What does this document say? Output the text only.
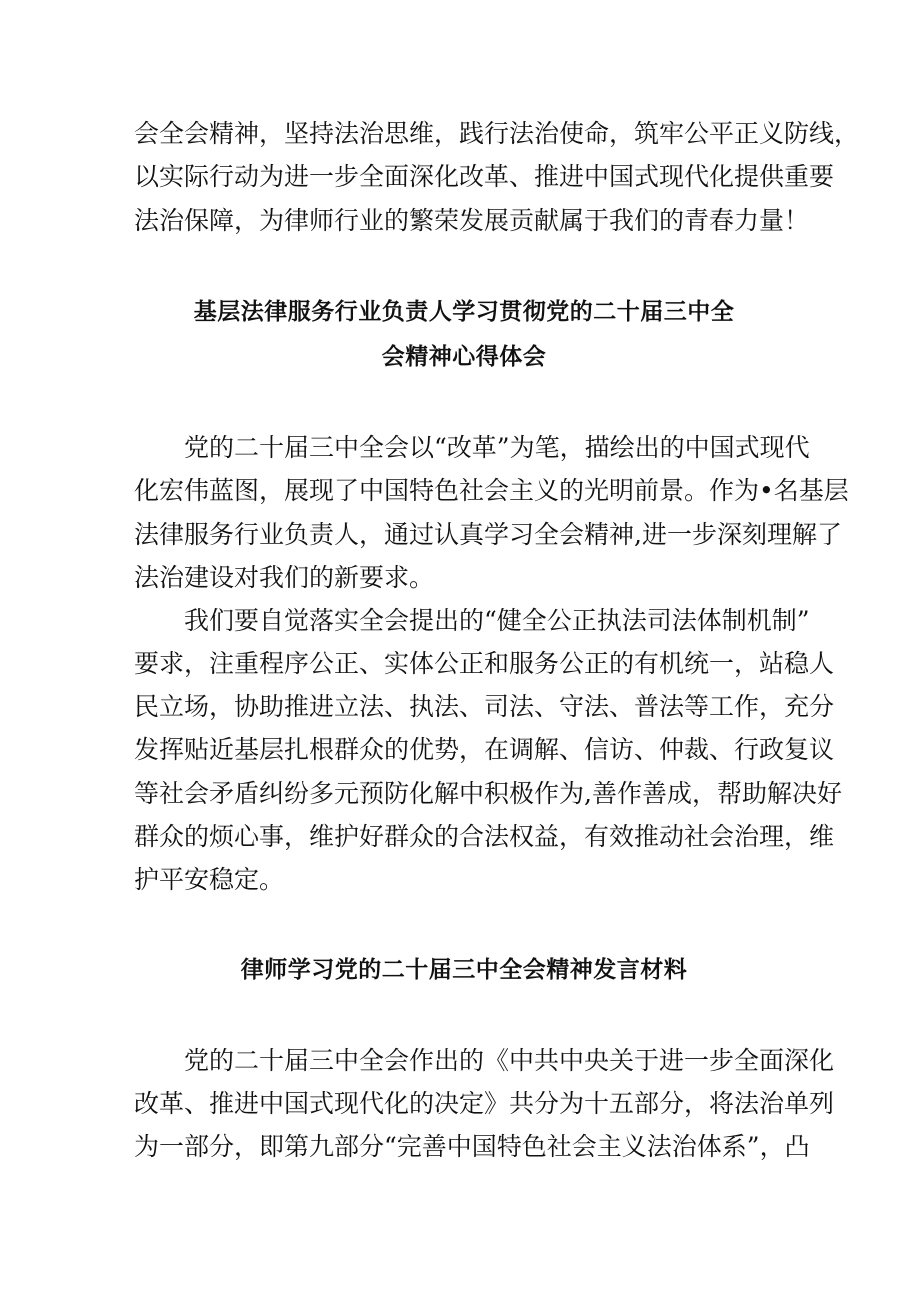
会全会精神，坚持法治思维，践行法治使命，筑牢公平正义防线，
以实际行动为进一步全面深化改革、推进中国式现代化提供重要
法治保障，为律师行业的繁荣发展贡献属于我们的青春力量！
基层法律服务行业负责人学习贯彻党的二十届三中全
会精神心得体会
党的二十届三中全会以“改革”为笔，描绘出的中国式现代
化宏伟蓝图，展现了中国特色社会主义的光明前景。作为•名基层
法律服务行业负责人，通过认真学习全会精神,进一步深刻理解了
法治建设对我们的新要求。
我们要自觉落实全会提出的“健全公正执法司法体制机制”
要求，注重程序公正、实体公正和服务公正的有机统一，站稳人
民立场，协助推进立法、执法、司法、守法、普法等工作，充分
发挥贴近基层扎根群众的优势，在调解、信访、仲裁、行政复议
等社会矛盾纠纷多元预防化解中积极作为,善作善成，帮助解决好
群众的烦心事，维护好群众的合法权益，有效推动社会治理，维
护平安稳定。
律师学习党的二十届三中全会精神发言材料
党的二十届三中全会作出的《中共中央关于进一步全面深化
改革、推进中国式现代化的决定》共分为十五部分，将法治单列
为一部分，即第九部分“完善中国特色社会主义法治体系”，凸
